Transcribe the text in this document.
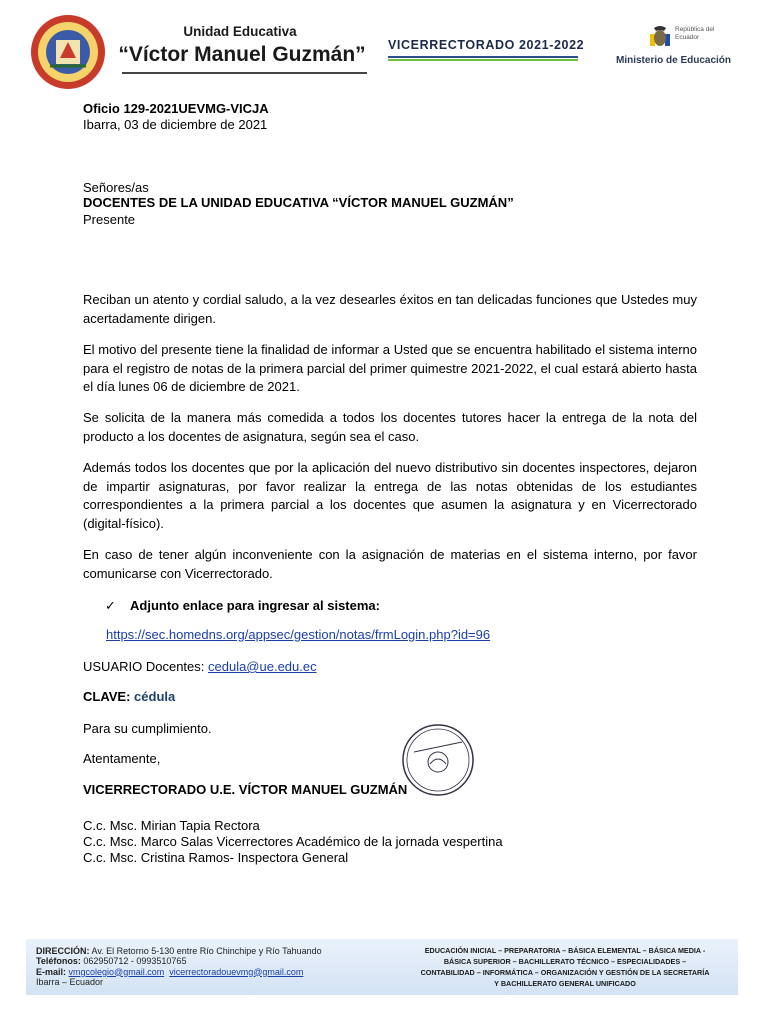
Unidad Educativa
“Víctor Manuel Guzmán” VICERRECTORADO 2021-2022
República del Ecuador
Ministerio de Educación
Oficio 129-2021UEVMG-VICJA
Ibarra, 03 de diciembre de 2021
Señores/as
DOCENTES DE LA UNIDAD EDUCATIVA “VÍCTOR MANUEL GUZMÁN”
Presente
Reciban un atento y cordial saludo, a la vez desearles éxitos en tan delicadas funciones que Ustedes muy acertadamente dirigen.
El motivo del presente tiene la finalidad de informar a Usted que se encuentra habilitado el sistema interno para el registro de notas de la primera parcial del primer quimestre 2021-2022, el cual estará abierto hasta el día lunes 06 de diciembre de 2021.
Se solicita de la manera más comedida a todos los docentes tutores hacer la entrega de la nota del producto a los docentes de asignatura, según sea el caso.
Además todos los docentes que por la aplicación del nuevo distributivo sin docentes inspectores, dejaron de impartir asignaturas, por favor realizar la entrega de las notas obtenidas de los estudiantes correspondientes a la primera parcial a los docentes que asumen la asignatura y en Vicerrectorado (digital-físico).
En caso de tener algún inconveniente con la asignación de materias en el sistema interno, por favor comunicarse con Vicerrectorado.
✓ Adjunto enlace para ingresar al sistema:
https://sec.homedns.org/appsec/gestion/notas/frmLogin.php?id=96
USUARIO Docentes: cedula@ue.edu.ec
CLAVE: cédula
Para su cumplimiento.
Atentamente,
VICERRECTORADO U.E. VÍCTOR MANUEL GUZMÁN
C.c. Msc. Mirian Tapia Rectora
C.c. Msc. Marco Salas Vicerrectores Académico de la jornada vespertina
C.c. Msc. Cristina Ramos- Inspectora General
DIRECCIÓN: Av. El Retorno 5-130 entre Río Chinchipe y Río Tahuando
Teléfonos: 062950712 - 0993510765
E-mail: vmgcolegio@gmail.com vicerrectoradouevmg@gmail.com
Ibarra – Ecuador
EDUCACIÓN INICIAL – PREPARATORIA – BÁSICA ELEMENTAL – BÁSICA MEDIA -
BÁSICA SUPERIOR – BACHILLERATO TÉCNICO – ESPECIALIDADES –
CONTABILIDAD – INFORMÁTICA – ORGANIZACIÓN Y GESTIÓN DE LA SECRETARÍA
Y BACHILLERATO GENERAL UNIFICADO
